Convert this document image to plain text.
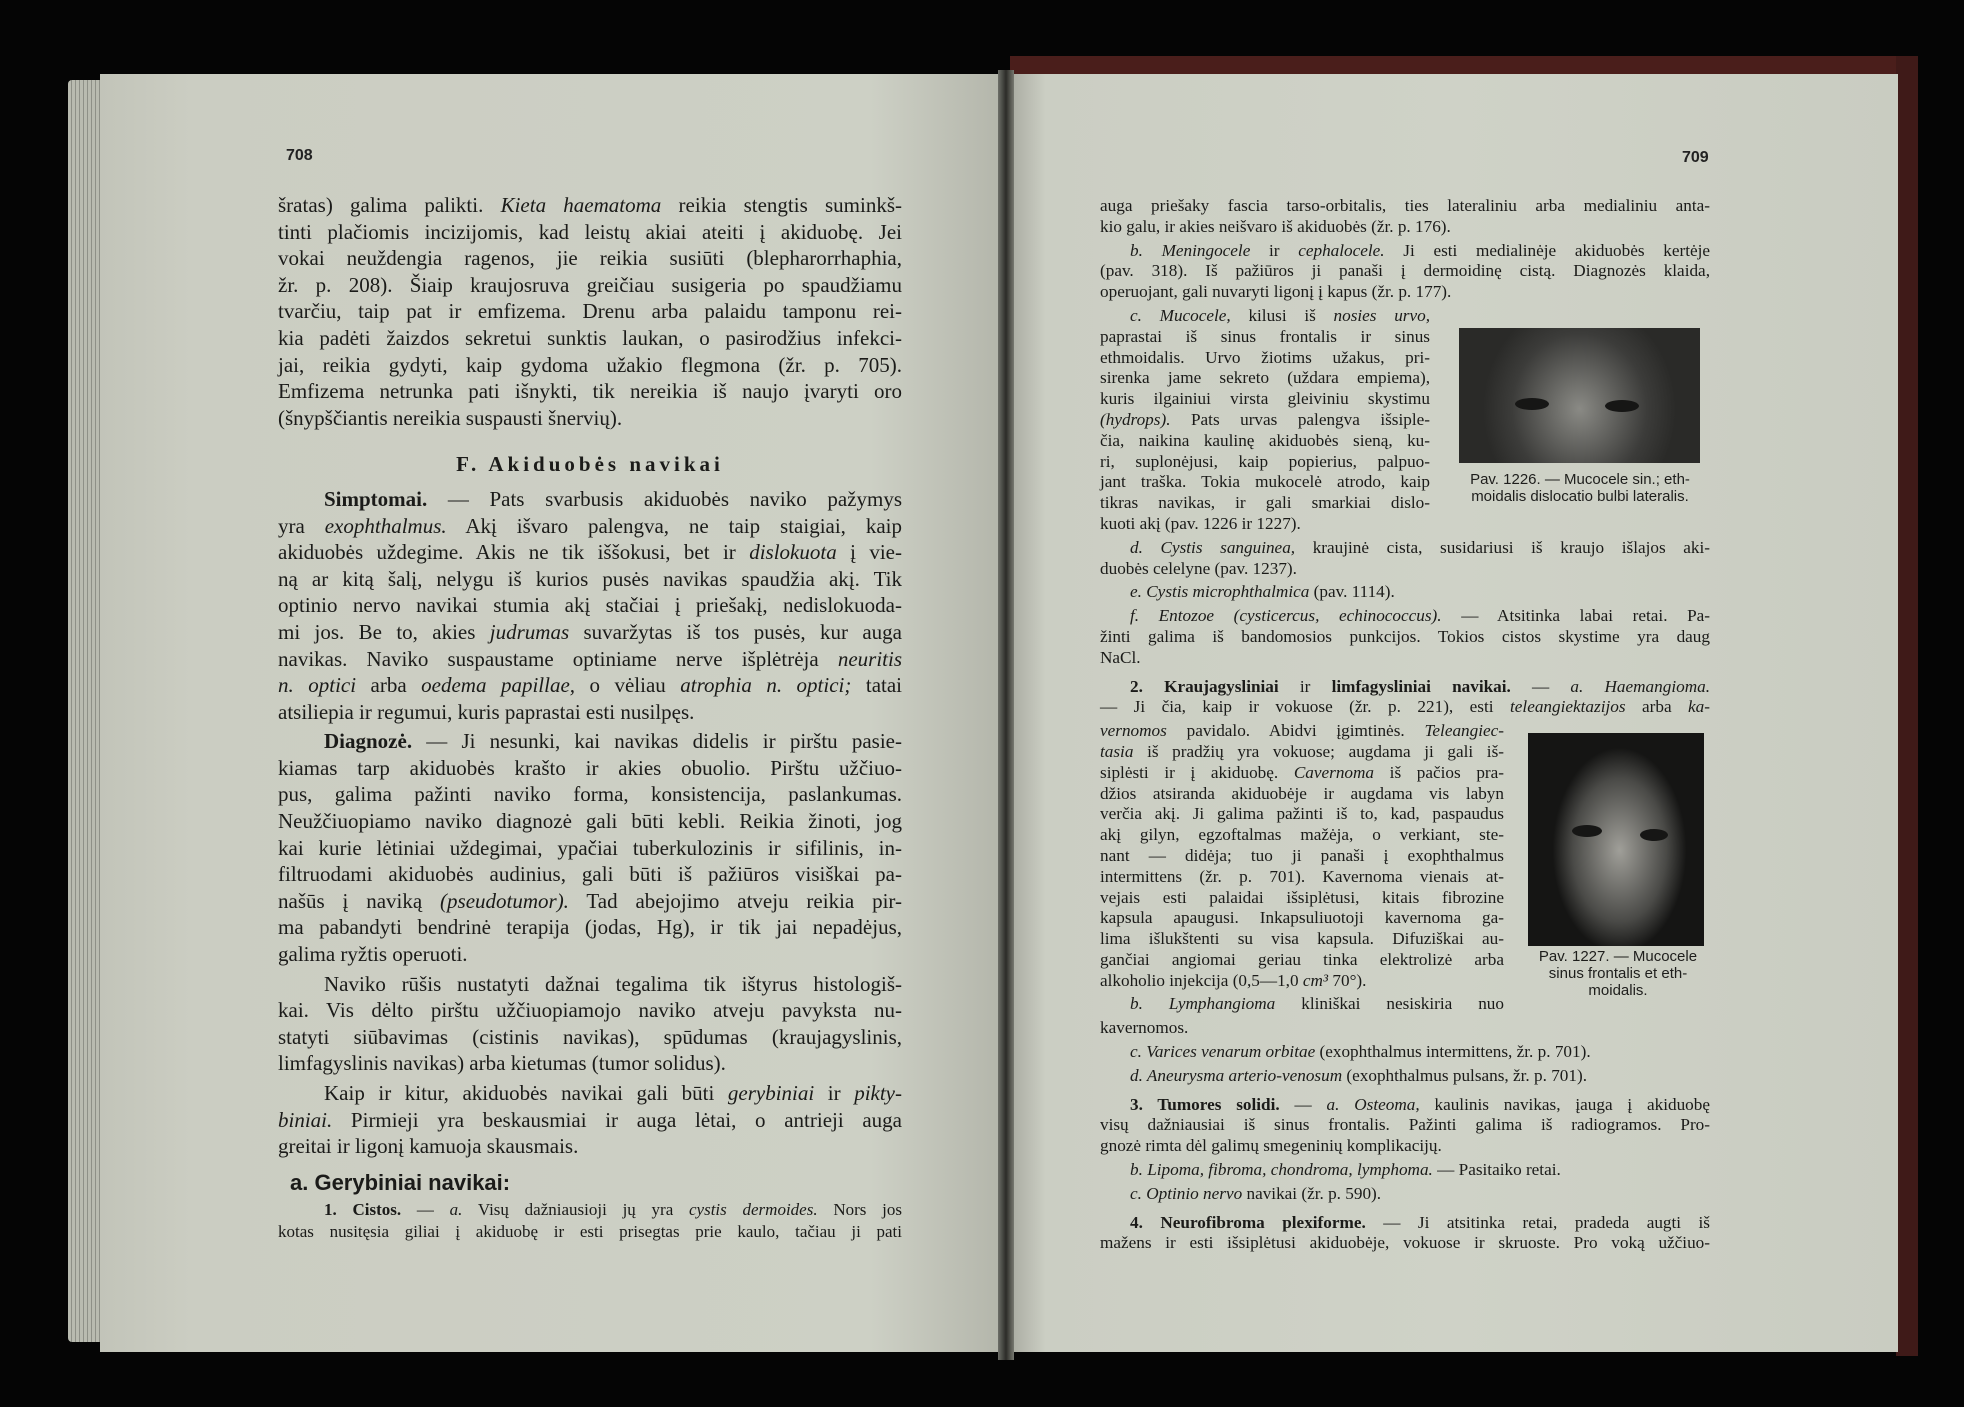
708	709
šratas) galima palikti. Kieta haematoma reikia stengtis suminkš-
tinti plačiomis incizijomis, kad leistų akiai ateiti į akiduobę. Jei
vokai neuždengia ragenos, jie reikia susiūti (blepharorrhaphia,
žr. p. 208). Šiaip kraujosruva greičiau susigeria po spaudžiamu
tvarčiu, taip pat ir emfizema. Drenu arba palaidu tamponu rei-
kia padėti žaizdos sekretui sunktis laukan, o pasirodžius infekci-
jai, reikia gydyti, kaip gydoma užakio flegmona (žr. p. 705).
Emfizema netrunka pati išnykti, tik nereikia iš naujo įvaryti oro
(šnypščiantis nereikia suspausti šnervių).
F. Akiduobės navikai
Simptomai. — Pats svarbusis akiduobės naviko pažymys
yra exophthalmus. Akį išvaro palengva, ne taip staigiai, kaip
akiduobės uždegime. Akis ne tik iššokusi, bet ir dislokuota į vie-
ną ar kitą šalį, nelygu iš kurios pusės navikas spaudžia akį. Tik
optinio nervo navikai stumia akį stačiai į priešakį, nedislokuoda-
mi jos. Be to, akies judrumas suvaržytas iš tos pusės, kur auga
navikas. Naviko suspaustame optiniame nerve išplėtrėja neuritis
n. optici arba oedema papillae, o vėliau atrophia n. optici; tatai
atsiliepia ir regumui, kuris paprastai esti nusilpęs.
Diagnozė. — Ji nesunki, kai navikas didelis ir pirštu pasie-
kiamas tarp akiduobės krašto ir akies obuolio. Pirštu užčiuo-
pus, galima pažinti naviko forma, konsistencija, paslankumas.
Neužčiuopiamo naviko diagnozė gali būti kebli. Reikia žinoti, jog
kai kurie lėtiniai uždegimai, ypačiai tuberkulozinis ir sifilinis, in-
filtruodami akiduobės audinius, gali būti iš pažiūros visiškai pa-
našūs į naviką (pseudotumor). Tad abejojimo atveju reikia pir-
ma pabandyti bendrinė terapija (jodas, Hg), ir tik jai nepadėjus,
galima ryžtis operuoti.
Naviko rūšis nustatyti dažnai tegalima tik ištyrus histologiš-
kai. Vis dėlto pirštu užčiuopiamojo naviko atveju pavyksta nu-
statyti siūbavimas (cistinis navikas), spūdumas (kraujagyslinis,
limfagyslinis navikas) arba kietumas (tumor solidus).
Kaip ir kitur, akiduobės navikai gali būti gerybiniai ir pikty-
biniai. Pirmieji yra beskausmiai ir auga lėtai, o antrieji auga
greitai ir ligonį kamuoja skausmais.
a. Gerybiniai navikai:
1. Cistos. — a. Visų dažniausioji jų yra cystis dermoides. Nors jos
kotas nusitęsia giliai į akiduobę ir esti prisegtas prie kaulo, tačiau ji pati
auga priešaky fascia tarso-orbitalis, ties lateraliniu arba medialiniu anta-
kio galu, ir akies neišvaro iš akiduobės (žr. p. 176).
b. Meningocele ir cephalocele. Ji esti medialinėje akiduobės kertėje
(pav. 318). Iš pažiūros ji panaši į dermoidinę cistą. Diagnozės klaida,
operuojant, gali nuvaryti ligonį į kapus (žr. p. 177).
c. Mucocele, kilusi iš nosies urvo,
paprastai iš sinus frontalis ir sinus
ethmoidalis. Urvo žiotims užakus, pri-
sirenka jame sekreto (uždara empiema),
kuris ilgainiui virsta gleiviniu skystimu
(hydrops). Pats urvas palengva išsiple-
čia, naikina kaulinę akiduobės sieną, ku-
ri, suplonėjusi, kaip popierius, palpuo-
jant traška. Tokia mukocelė atrodo, kaip
tikras navikas, ir gali smarkiai dislo-
kuoti akį (pav. 1226 ir 1227).
d. Cystis sanguinea, kraujinė cista, susidariusi iš kraujo išlajos aki-
duobės celelyne (pav. 1237).
e. Cystis microphthalmica (pav. 1114).
f. Entozoe (cysticercus, echinococcus). — Atsitinka labai retai. Pa-
žinti galima iš bandomosios punkcijos. Tokios cistos skystime yra daug
NaCl.
2. Kraujagysliniai ir limfagysliniai navikai. — a. Haemangioma.
— Ji čia, kaip ir vokuose (žr. p. 221), esti teleangiektazijos arba ka-
vernomos pavidalo. Abidvi įgimtinės. Teleangiec-
tasia iš pradžių yra vokuose; augdama ji gali iš-
siplėsti ir į akiduobę. Cavernoma iš pačios pra-
džios atsiranda akiduobėje ir augdama vis labyn
verčia akį. Ji galima pažinti iš to, kad, paspaudus
akį gilyn, egzoftalmas mažėja, o verkiant, ste-
nant — didėja; tuo ji panaši į exophthalmus
intermittens (žr. p. 701). Kavernoma vienais at-
vejais esti palaidai išsiplėtusi, kitais fibrozine
kapsula apaugusi. Inkapsuliuotoji kavernoma ga-
lima išlukštenti su visa kapsula. Difuziškai au-
gančiai angiomai geriau tinka elektrolizė arba
alkoholio injekcija (0,5—1,0 cm³ 70°).
b. Lymphangioma kliniškai nesiskiria nuo
kavernomos.
c. Varices venarum orbitae (exophthalmus intermittens, žr. p. 701).
d. Aneurysma arterio-venosum (exophthalmus pulsans, žr. p. 701).
3. Tumores solidi. — a. Osteoma, kaulinis navikas, įauga į akiduobę
visų dažniausiai iš sinus frontalis. Pažinti galima iš radiogramos. Pro-
gnozė rimta dėl galimų smegeninių komplikacijų.
b. Lipoma, fibroma, chondroma, lymphoma. — Pasitaiko retai.
c. Optinio nervo navikai (žr. p. 590).
4. Neurofibroma plexiforme. — Ji atsitinka retai, pradeda augti iš
mažens ir esti išsiplėtusi akiduobėje, vokuose ir skruoste. Pro voką užčiuo-
Pav. 1226. — Mucocele sin.; eth-
moidalis dislocatio bulbi lateralis.
Pav. 1227. — Mucocele
sinus frontalis et eth-
moidalis.
